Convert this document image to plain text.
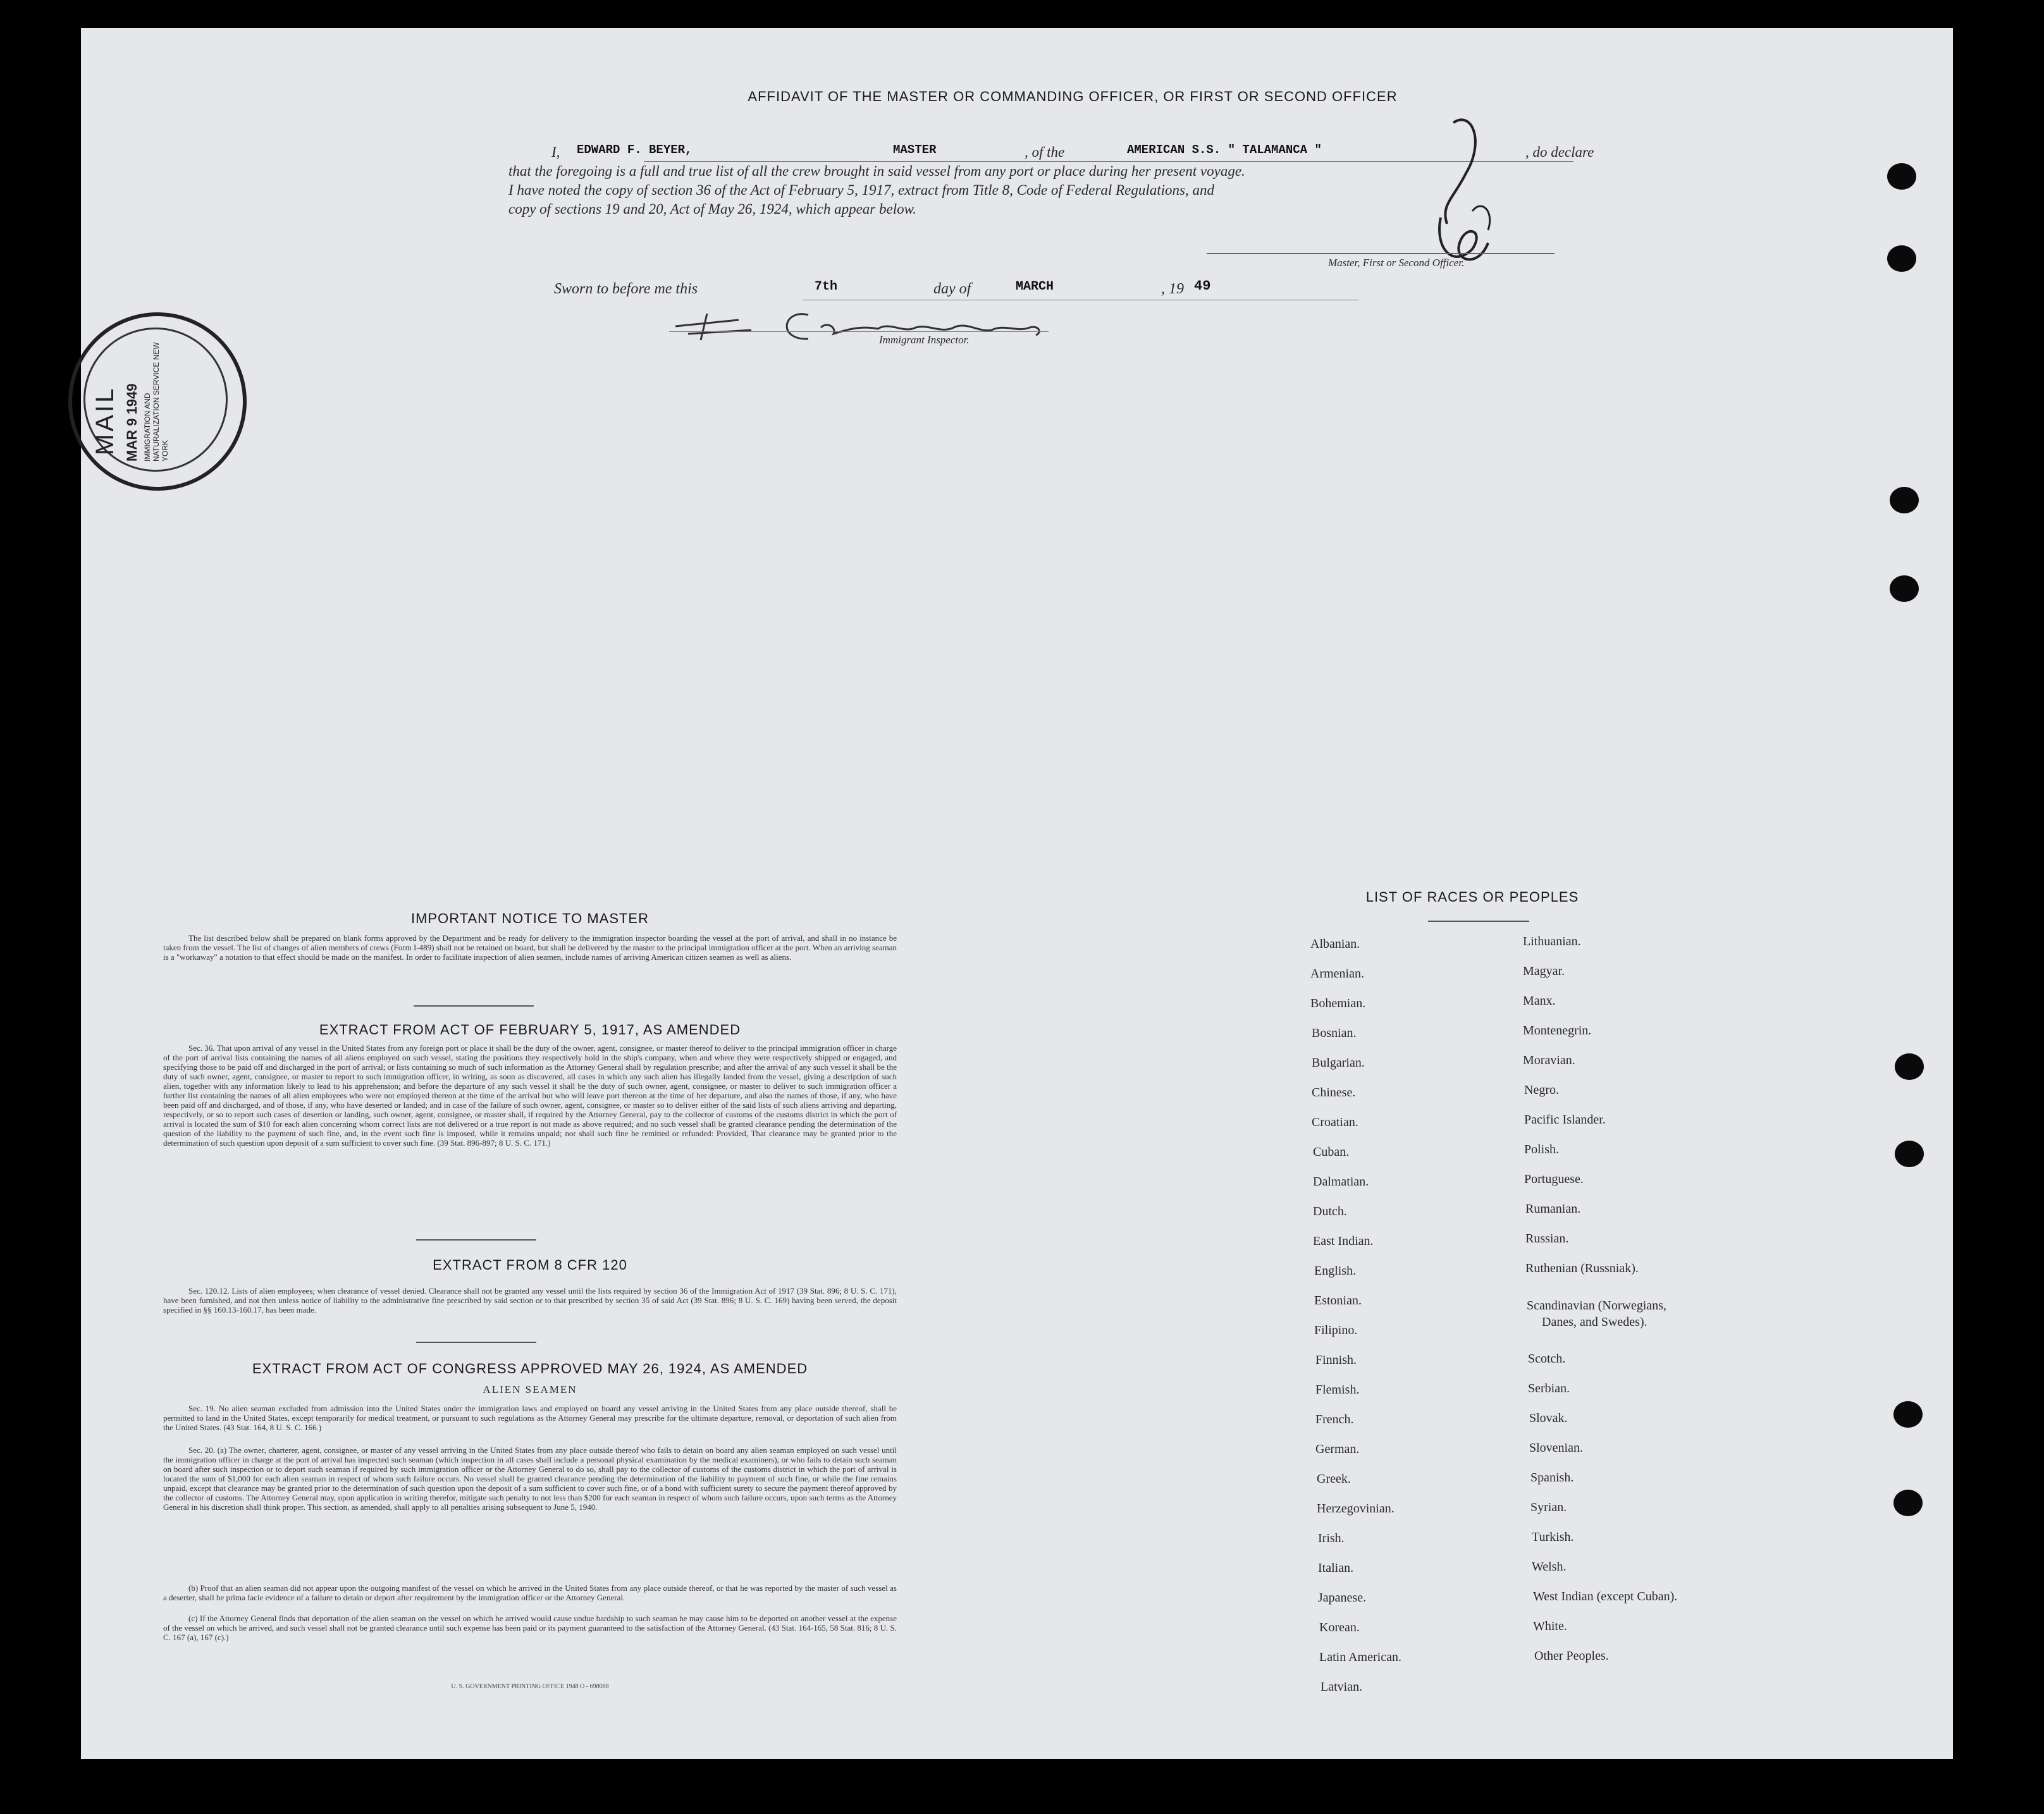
AFFIDAVIT OF THE MASTER OR COMMANDING OFFICER, OR FIRST OR SECOND OFFICER
I, EDWARD F. BEYER,	MASTER	, of the	AMERICAN S.S. " TALAMANCA "	, do declare
that the foregoing is a full and true list of all the crew brought in said vessel from any port or place during her present voyage.
I have noted the copy of section 36 of the Act of February 5, 1917, extract from Title 8, Code of Federal Regulations, and
copy of sections 19 and 20, Act of May 26, 1924, which appear below.
Master, First or Second Officer.
Sworn to before me this	7th	day of	MARCH	, 19 49
Immigrant Inspector.
MAIL MAR 9 1949 IMMIGRATION AND NATURALIZATION SERVICE NEW YORK
IMPORTANT NOTICE TO MASTER
The list described below shall be prepared on blank forms approved by the Department and be ready for delivery to the immigration inspector boarding the vessel at the port of arrival, and shall in no instance be taken from the vessel. The list of changes of alien members of crews (Form I-489) shall not be retained on board, but shall be delivered by the master to the principal immigration officer at the port. When an arriving seaman is a "workaway" a notation to that effect should be made on the manifest. In order to facilitate inspection of alien seamen, include names of arriving American citizen seamen as well as aliens.
EXTRACT FROM ACT OF FEBRUARY 5, 1917, AS AMENDED
Sec. 36. That upon arrival of any vessel in the United States from any foreign port or place it shall be the duty of the owner, agent, consignee, or master thereof to deliver to the principal immigration officer in charge of the port of arrival lists containing the names of all aliens employed on such vessel, stating the positions they respectively hold in the ship's company, when and where they were respectively shipped or engaged, and specifying those to be paid off and discharged in the port of arrival; or lists containing so much of such information as the Attorney General shall by regulation prescribe; and after the arrival of any such vessel it shall be the duty of such owner, agent, consignee, or master to report to such immigration officer, in writing, as soon as discovered, all cases in which any such alien has illegally landed from the vessel, giving a description of such alien, together with any information likely to lead to his apprehension; and before the departure of any such vessel it shall be the duty of such owner, agent, consignee, or master to deliver to such immigration officer a further list containing the names of all alien employees who were not employed thereon at the time of the arrival but who will leave port thereon at the time of her departure, and also the names of those, if any, who have been paid off and discharged, and of those, if any, who have deserted or landed; and in case of the failure of such owner, agent, consignee, or master so to deliver either of the said lists of such aliens arriving and departing, respectively, or so to report such cases of desertion or landing, such owner, agent, consignee, or master shall, if required by the Attorney General, pay to the collector of customs of the customs district in which the port of arrival is located the sum of $10 for each alien concerning whom correct lists are not delivered or a true report is not made as above required; and no such vessel shall be granted clearance pending the determination of the question of the liability to the payment of such fine, and, in the event such fine is imposed, while it remains unpaid; nor shall such fine be remitted or refunded: Provided, That clearance may be granted prior to the determination of such question upon deposit of a sum sufficient to cover such fine. (39 Stat. 896-897; 8 U. S. C. 171.)
EXTRACT FROM 8 CFR 120
Sec. 120.12. Lists of alien employees; when clearance of vessel denied. Clearance shall not be granted any vessel until the lists required by section 36 of the Immigration Act of 1917 (39 Stat. 896; 8 U. S. C. 171), have been furnished, and not then unless notice of liability to the administrative fine prescribed by said section or to that prescribed by section 35 of said Act (39 Stat. 896; 8 U. S. C. 169) having been served, the deposit specified in §§ 160.13-160.17, has been made.
EXTRACT FROM ACT OF CONGRESS APPROVED MAY 26, 1924, AS AMENDED
ALIEN SEAMEN
Sec. 19. No alien seaman excluded from admission into the United States under the immigration laws and employed on board any vessel arriving in the United States from any place outside thereof, shall be permitted to land in the United States, except temporarily for medical treatment, or pursuant to such regulations as the Attorney General may prescribe for the ultimate departure, removal, or deportation of such alien from the United States. (43 Stat. 164, 8 U. S. C. 166.)
Sec. 20. (a) The owner, charterer, agent, consignee, or master of any vessel arriving in the United States from any place outside thereof who fails to detain on board any alien seaman employed on such vessel until the immigration officer in charge at the port of arrival has inspected such seaman (which inspection in all cases shall include a personal physical examination by the medical examiners), or who fails to detain such seaman on board after such inspection or to deport such seaman if required by such immigration officer or the Attorney General to do so, shall pay to the collector of customs of the customs district in which the port of arrival is located the sum of $1,000 for each alien seaman in respect of whom such failure occurs. No vessel shall be granted clearance pending the determination of the liability to payment of such fine, or while the fine remains unpaid, except that clearance may be granted prior to the determination of such question upon the deposit of a sum sufficient to cover such fine, or of a bond with sufficient surety to secure the payment thereof approved by the collector of customs. The Attorney General may, upon application in writing therefor, mitigate such penalty to not less than $200 for each seaman in respect of whom such failure occurs, upon such terms as the Attorney General in his discretion shall think proper. This section, as amended, shall apply to all penalties arising subsequent to June 5, 1940.
(b) Proof that an alien seaman did not appear upon the outgoing manifest of the vessel on which he arrived in the United States from any place outside thereof, or that he was reported by the master of such vessel as a deserter, shall be prima facie evidence of a failure to detain or deport after requirement by the immigration officer or the Attorney General.
(c) If the Attorney General finds that deportation of the alien seaman on the vessel on which he arrived would cause undue hardship to such seaman he may cause him to be deported on another vessel at the expense of the vessel on which he arrived, and such vessel shall not be granted clearance until such expense has been paid or its payment guaranteed to the satisfaction of the Attorney General. (43 Stat. 164-165, 58 Stat. 816; 8 U. S. C. 167 (a), 167 (c).)
U. S. GOVERNMENT PRINTING OFFICE 1948 O - 698088
LIST OF RACES OR PEOPLES
Albanian.
Armenian.
Bohemian.
Bosnian.
Bulgarian.
Chinese.
Croatian.
Cuban.
Dalmatian.
Dutch.
East Indian.
English.
Estonian.
Filipino.
Finnish.
Flemish.
French.
German.
Greek.
Herzegovinian.
Irish.
Italian.
Japanese.
Korean.
Latin American.
Latvian.
Lithuanian.
Magyar.
Manx.
Montenegrin.
Moravian.
Negro.
Pacific Islander.
Polish.
Portuguese.
Rumanian.
Russian.
Ruthenian (Russniak).
Scandinavian (Norwegians,
Danes, and Swedes).
Scotch.
Serbian.
Slovak.
Slovenian.
Spanish.
Syrian.
Turkish.
Welsh.
West Indian (except Cuban).
White.
Other Peoples.
